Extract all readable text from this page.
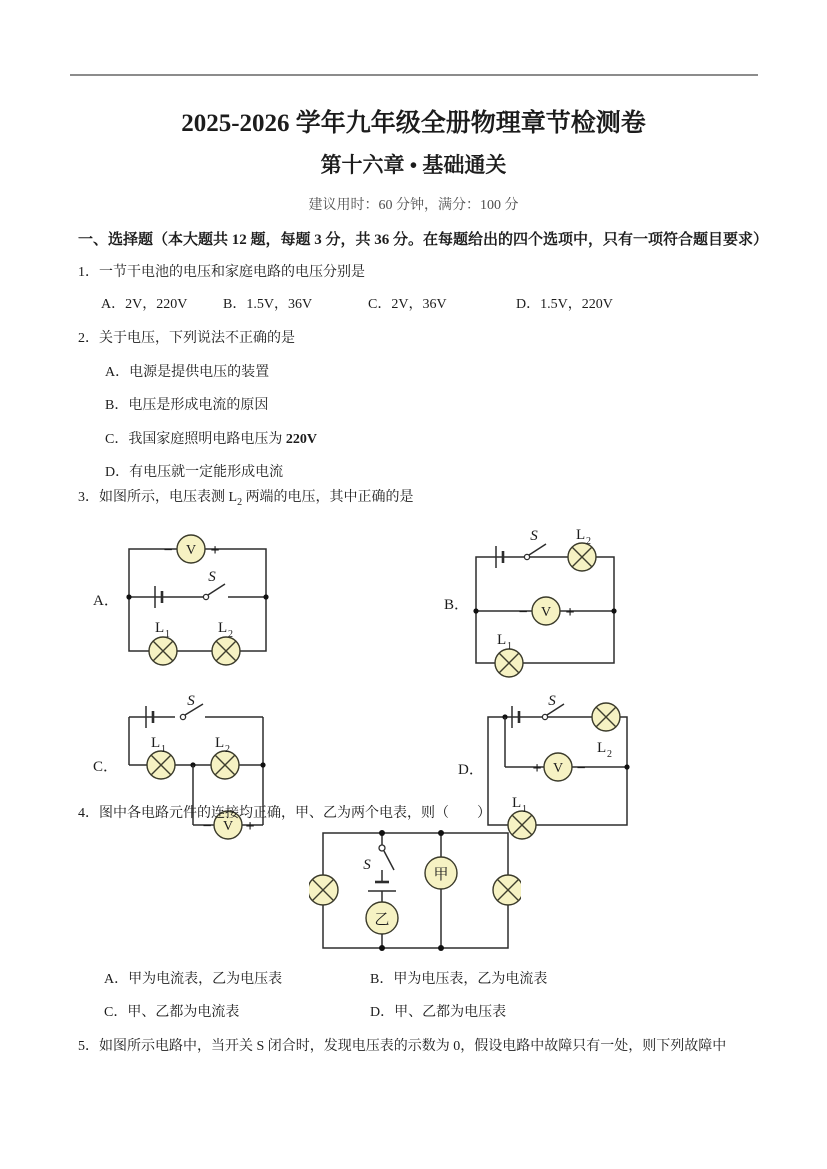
2025-2026 学年九年级全册物理章节检测卷
第十六章 • 基础通关
建议用时：60 分钟，满分：100 分
一、选择题（本大题共 12 题，每题 3 分，共 36 分。在每题给出的四个选项中，只有一项符合题目要求）
1．一节干电池的电压和家庭电路的电压分别是
A．2V，220V	B．1.5V，36V	C．2V，36V	D．1.5V，220V
2．关于电压，下列说法不正确的是
A．电源是提供电压的装置
B．电压是形成电流的原因
C．我国家庭照明电路电压为 220V
D．有电压就一定能形成电流
3．如图所示，电压表测 $L_2$ 两端的电压，其中正确的是
A．	B．
C．	D．
S
V
− +
L 1	L 2
S	L 2
V
− +
L 1
S
L 1	L 2
V
− +
S
L 2
V
+ −
L 1
4．图中各电路元件的连接均正确，甲、乙为两个电表，则（　　）
S
乙
甲
A．甲为电流表，乙为电压表	B．甲为电压表，乙为电流表
C．甲、乙都为电流表	D．甲、乙都为电压表
5．如图所示电路中，当开关 S 闭合时，发现电压表的示数为 0，假设电路中故障只有一处，则下列故障中
